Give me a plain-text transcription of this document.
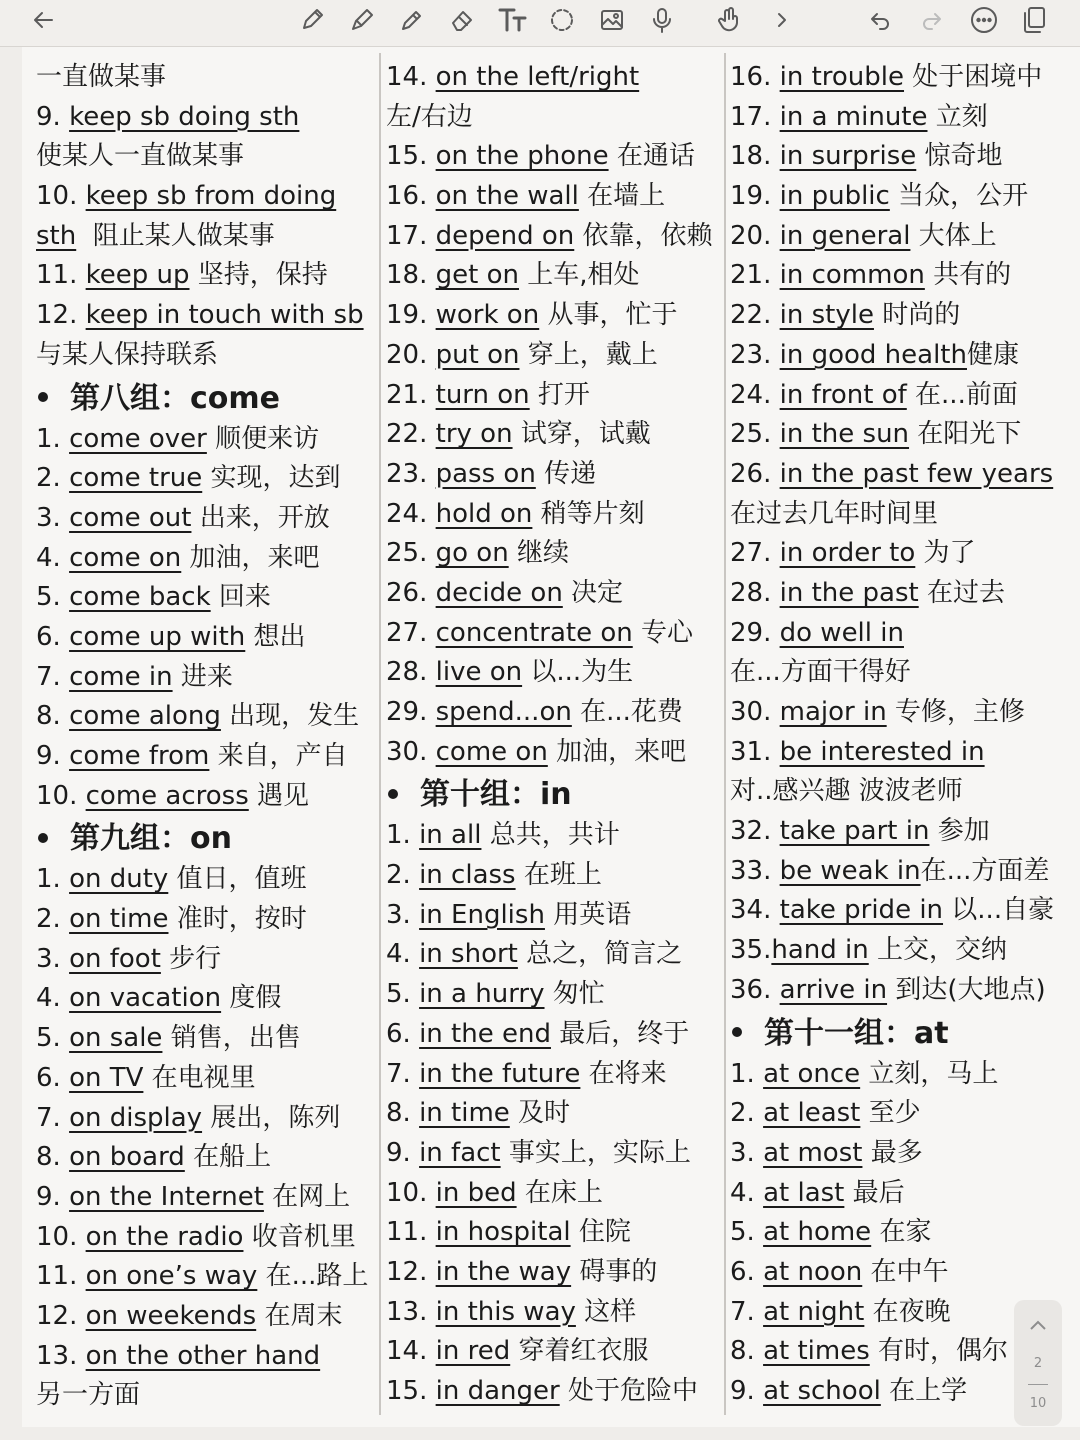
一直做某事
9. keep sb doing sth
使某人一直做某事
10. keep sb from doing
sth  阻止某人做某事
11. keep up 坚持，保持
12. keep in touch with sb
与某人保持联系
第八组：come
1. come over 顺便来访
2. come true 实现，达到
3. come out 出来，开放
4. come on 加油，来吧
5. come back 回来
6. come up with 想出
7. come in 进来
8. come along 出现，发生
9. come from 来自，产自
10. come across 遇见
第九组：on
1. on duty 值日，值班
2. on time 准时，按时
3. on foot 步行
4. on vacation 度假
5. on sale 销售，出售
6. on TV 在电视里
7. on display 展出，陈列
8. on board 在船上
9. on the Internet 在网上
10. on the radio 收音机里
11. on one’s way 在...路上
12. on weekends 在周末
13. on the other hand
另一方面
14. on the left/right
左/右边
15. on the phone 在通话
16. on the wall 在墙上
17. depend on 依靠，依赖
18. get on 上车,相处
19. work on 从事，忙于
20. put on 穿上，戴上
21. turn on 打开
22. try on 试穿，试戴
23. pass on 传递
24. hold on 稍等片刻
25. go on 继续
26. decide on 决定
27. concentrate on 专心
28. live on 以...为生
29. spend...on 在...花费
30. come on 加油，来吧
第十组：in
1. in all 总共，共计
2. in class 在班上
3. in English 用英语
4. in short 总之，简言之
5. in a hurry 匆忙
6. in the end 最后，终于
7. in the future 在将来
8. in time 及时
9. in fact 事实上，实际上
10. in bed 在床上
11. in hospital 住院
12. in the way 碍事的
13. in this way 这样
14. in red 穿着红衣服
15. in danger 处于危险中
16. in trouble 处于困境中
17. in a minute 立刻
18. in surprise 惊奇地
19. in public 当众，公开
20. in general 大体上
21. in common 共有的
22. in style 时尚的
23. in good health健康
24. in front of 在...前面
25. in the sun 在阳光下
26. in the past few years
在过去几年时间里
27. in order to 为了
28. in the past 在过去
29. do well in
在...方面干得好
30. major in 专修，主修
31. be interested in
对..感兴趣 波波老师
32. take part in 参加
33. be weak in在...方面差
34. take pride in 以...自豪
35.hand in 上交，交纳
36. arrive in 到达(大地点)
第十一组：at
1. at once 立刻，马上
2. at least 至少
3. at most 最多
4. at last 最后
5. at home 在家
6. at noon 在中午
7. at night 在夜晚
8. at times 有时，偶尔
9. at school 在上学
2
10
